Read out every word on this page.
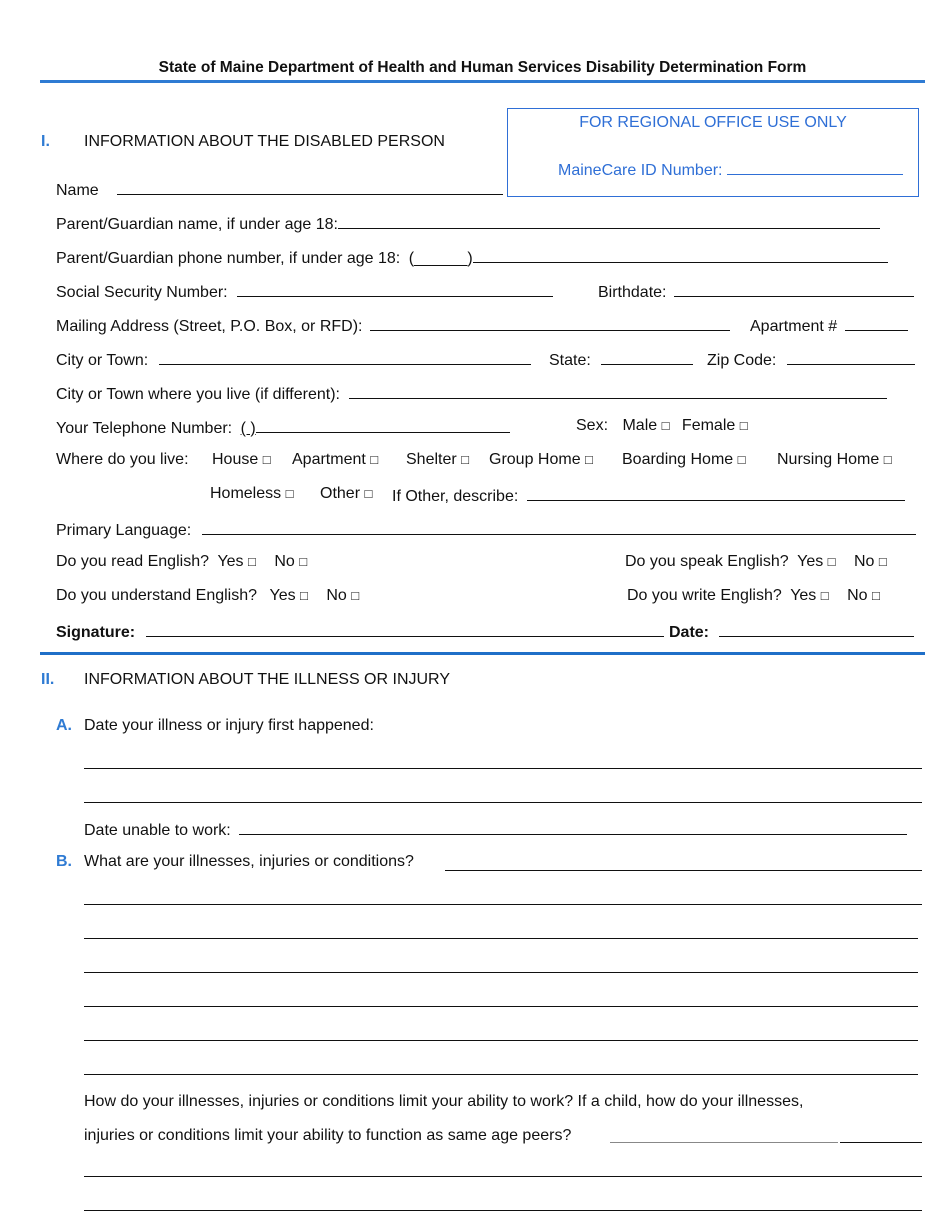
State of Maine Department of Health and Human Services Disability Determination Form
FOR REGIONAL OFFICE USE ONLY
MaineCare ID Number:
I. INFORMATION ABOUT THE DISABLED PERSON
Name
Parent/Guardian name, if under age 18:
Parent/Guardian phone number, if under age 18: (______)
Social Security Number:	Birthdate:
Mailing Address (Street, P.O. Box, or RFD):	Apartment #
City or Town:	State:	Zip Code:
City or Town where you live (if different):
Your Telephone Number: ( )	Sex: Male □ Female □
Where do you live: House □ Apartment □ Shelter □ Group Home □ Boarding Home □ Nursing Home □
Homeless □ Other □ If Other, describe:
Primary Language:
Do you read English? Yes □ No □	Do you speak English? Yes □ No □
Do you understand English? Yes □ No □	Do you write English? Yes □ No □
Signature:	Date:
II. INFORMATION ABOUT THE ILLNESS OR INJURY
A. Date your illness or injury first happened:
Date unable to work:
B. What are your illnesses, injuries or conditions?
How do your illnesses, injuries or conditions limit your ability to work? If a child, how do your illnesses,
injuries or conditions limit your ability to function as same age peers?
